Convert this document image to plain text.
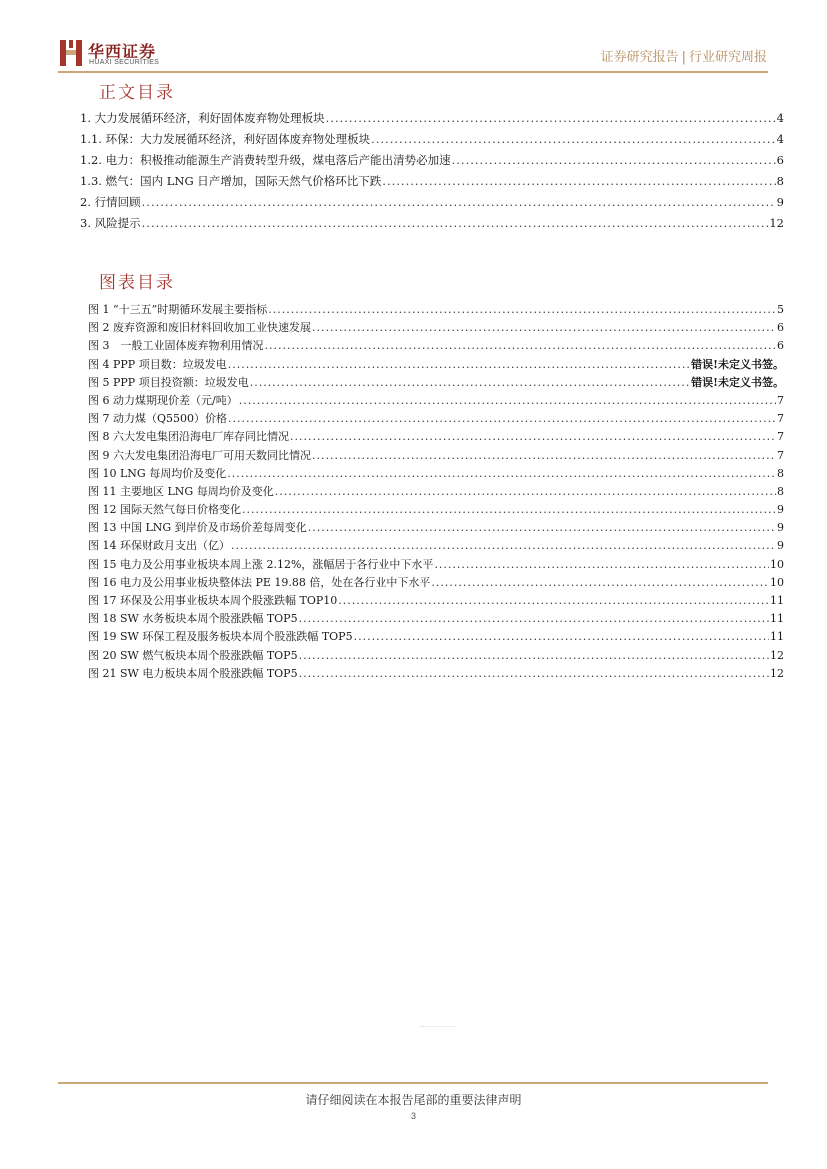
华西证券
HUAXI SECURITIES	证券研究报告 | 行业研究周报
正文目录
1. 大力发展循环经济，利好固体废弃物处理板块 .....	4
1.1. 环保：大力发展循环经济，利好固体废弃物处理板块 .....	4
1.2. 电力：积极推动能源生产消费转型升级，煤电落后产能出清势必加速 .....	6
1.3. 燃气：国内 LNG 日产增加，国际天然气价格环比下跌 .....	8
2. 行情回顾 .....	9
3. 风险提示 .....	12
图表目录
图 1 “十三五”时期循环发展主要指标 .....	5
图 2 废弃资源和废旧材料回收加工业快速发展 .....	6
图 3　一般工业固体废弃物利用情况 .....	6
图 4 PPP 项目数：垃圾发电 .....	错误!未定义书签。
图 5 PPP 项目投资额：垃圾发电 .....	错误!未定义书签。
图 6 动力煤期现价差（元/吨） .....	7
图 7 动力煤（Q5500）价格 .....	7
图 8 六大发电集团沿海电厂库存同比情况 .....	7
图 9 六大发电集团沿海电厂可用天数同比情况 .....	7
图 10 LNG 每周均价及变化 .....	8
图 11 主要地区 LNG 每周均价及变化 .....	8
图 12 国际天然气每日价格变化 .....	9
图 13 中国 LNG 到岸价及市场价差每周变化 .....	9
图 14 环保财政月支出（亿） .....	9
图 15 电力及公用事业板块本周上涨 2.12%，涨幅居于各行业中下水平 .....	10
图 16 电力及公用事业板块整体法 PE 19.88 倍，处在各行业中下水平 .....	10
图 17 环保及公用事业板块本周个股涨跌幅 TOP10 .....	11
图 18 SW 水务板块本周个股涨跌幅 TOP5 .....	11
图 19 SW 环保工程及服务板块本周个股涨跌幅 TOP5 .....	11
图 20 SW 燃气板块本周个股涨跌幅 TOP5 .....	12
图 21 SW 电力板块本周个股涨跌幅 TOP5 .....	12
请仔细阅读在本报告尾部的重要法律声明
3
